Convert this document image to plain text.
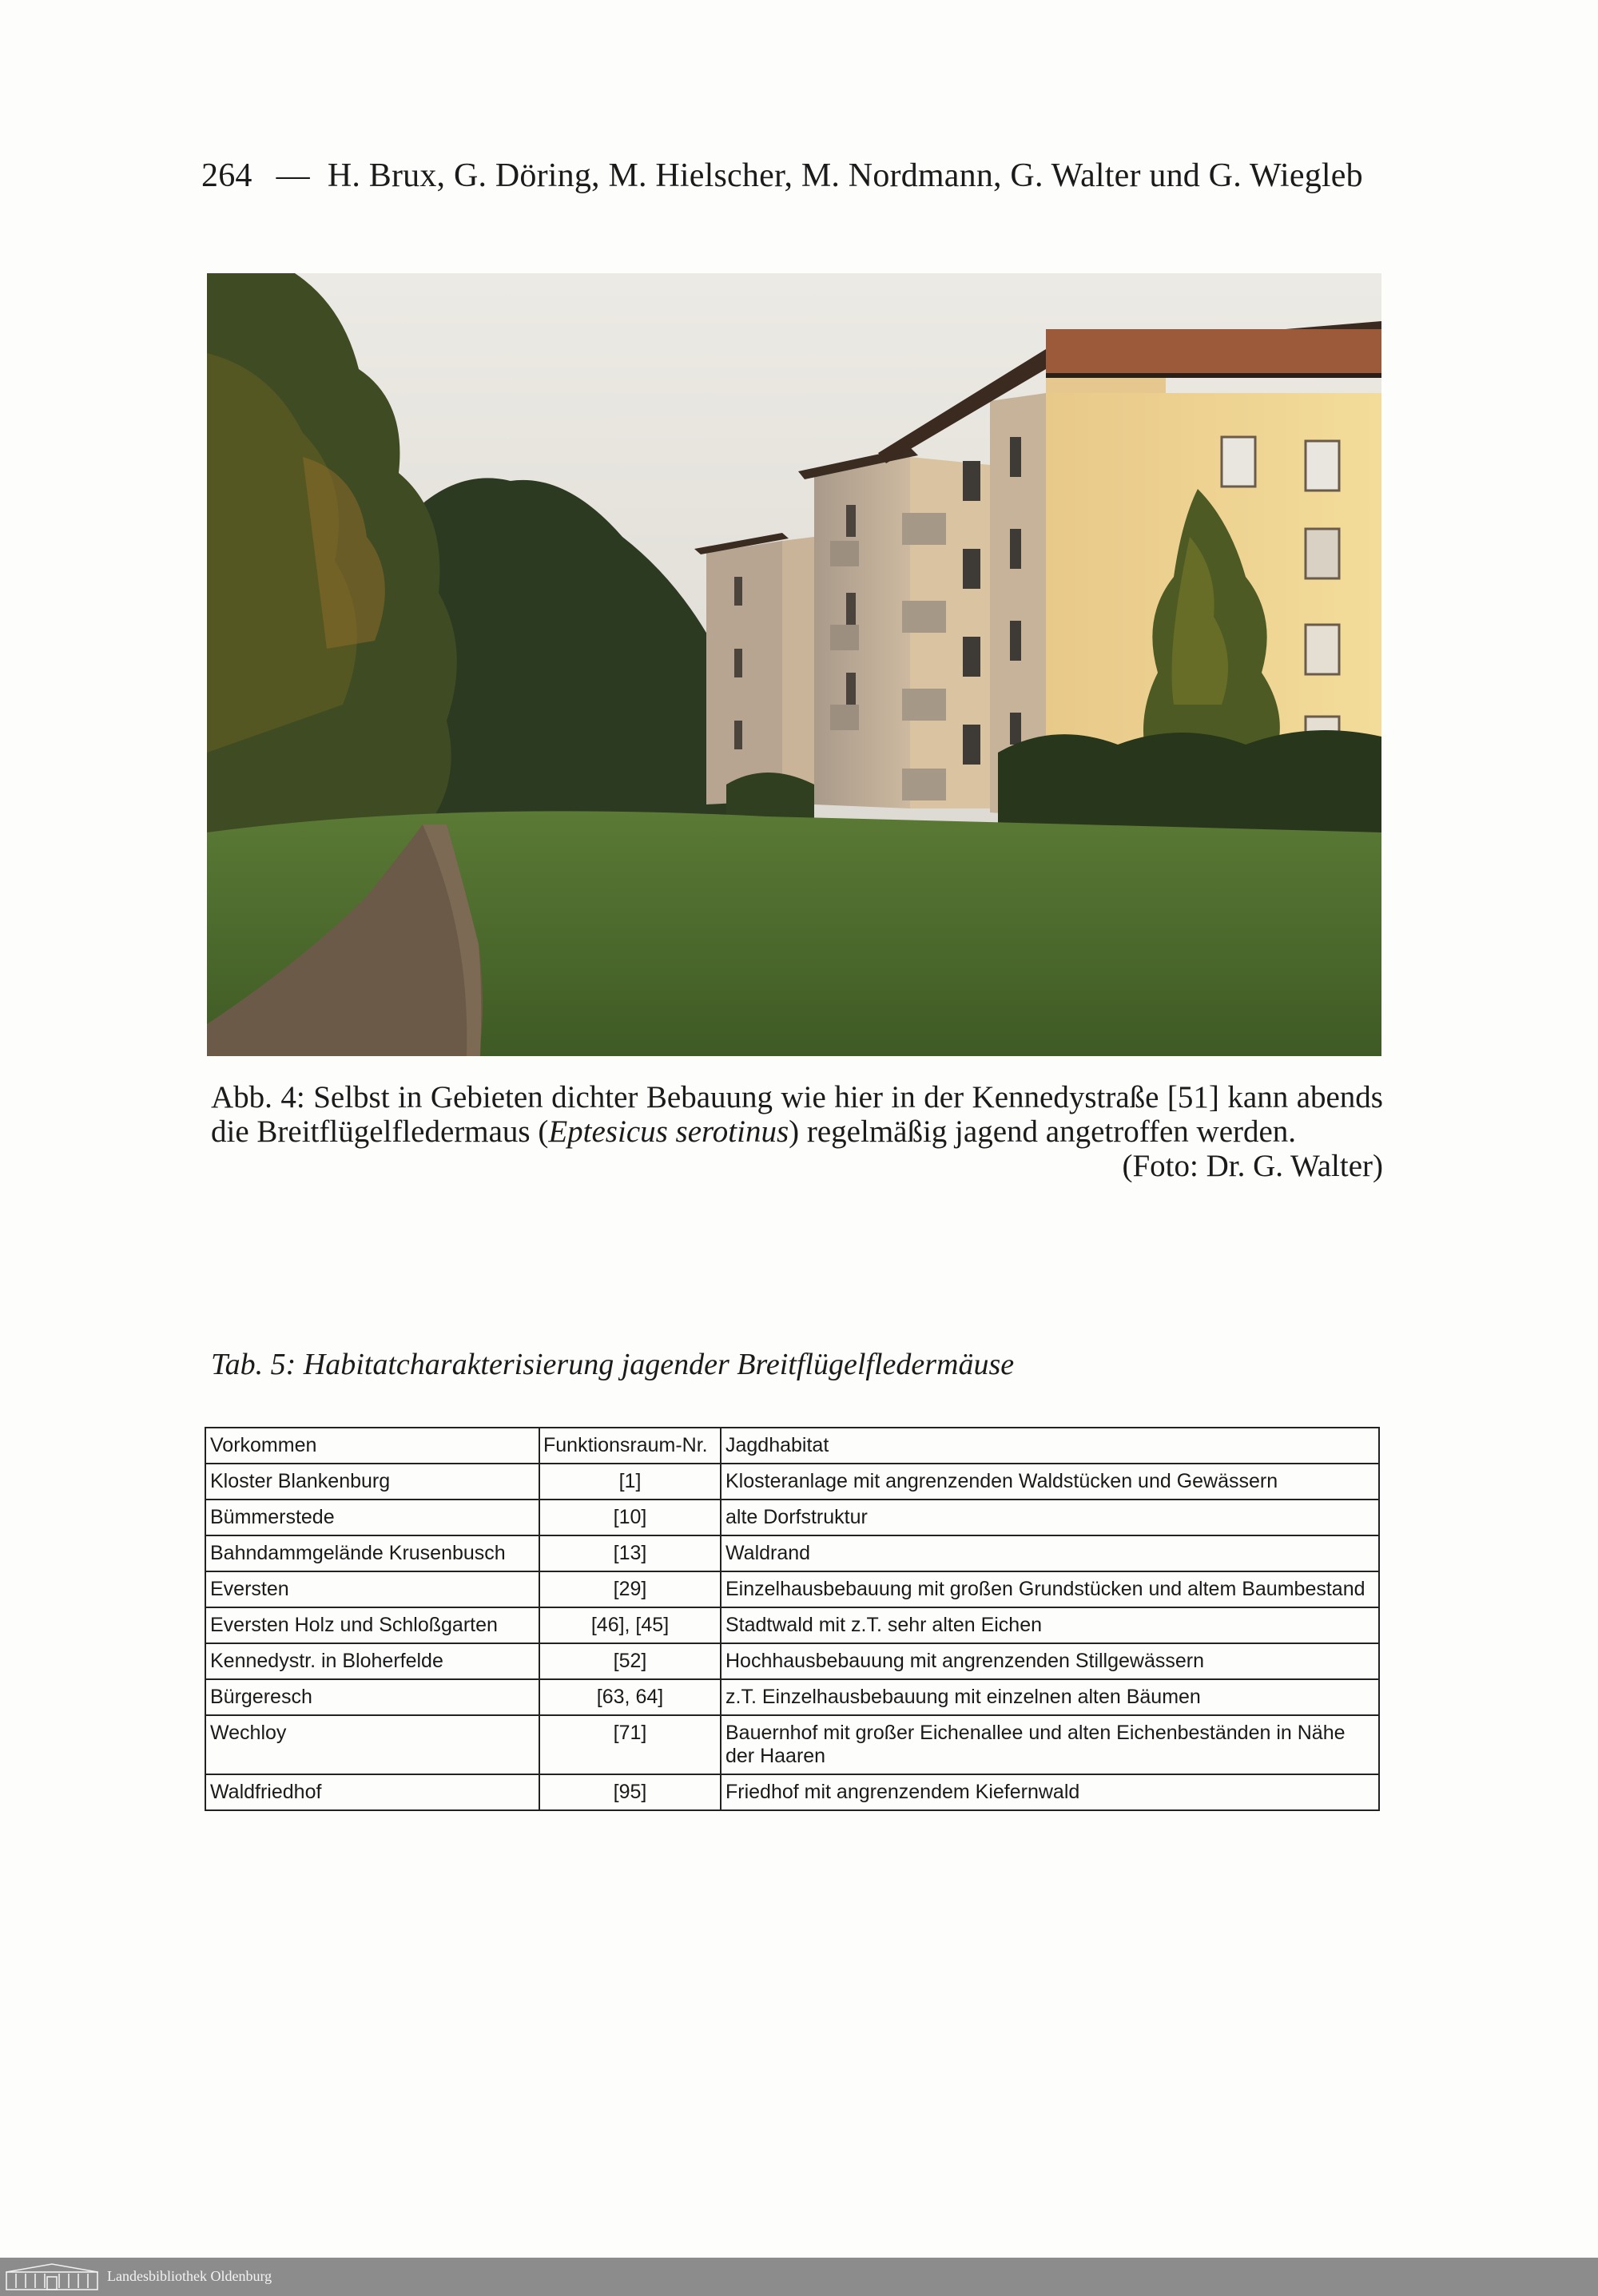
264 — H. Brux, G. Döring, M. Hielscher, M. Nordmann, G. Walter und G. Wiegleb
Abb. 4: Selbst in Gebieten dichter Bebauung wie hier in der Kennedystraße [51] kann abends die Breitflügelfledermaus (Eptesicus serotinus) regelmäßig jagend angetroffen werden.
(Foto: Dr. G. Walter)
Tab. 5: Habitatcharakterisierung jagender Breitflügelfledermäuse
Vorkommen	Funktionsraum-Nr.	Jagdhabitat
Kloster Blankenburg	[1]	Klosteranlage mit angrenzenden Waldstücken und Gewässern
Bümmerstede	[10]	alte Dorfstruktur
Bahndammgelände Krusenbusch	[13]	Waldrand
Eversten	[29]	Einzelhausbebauung mit großen Grundstücken und altem Baumbestand
Eversten Holz und Schloßgarten	[46], [45]	Stadtwald mit z.T. sehr alten Eichen
Kennedystr. in Bloherfelde	[52]	Hochhausbebauung mit angrenzenden Stillgewässern
Bürgeresch	[63, 64]	z.T. Einzelhausbebauung mit einzelnen alten Bäumen
Wechloy	[71]	Bauernhof mit großer Eichenallee und alten Eichenbeständen in Nähe der Haaren
Waldfriedhof	[95]	Friedhof mit angrenzendem Kiefernwald
Landesbibliothek Oldenburg
